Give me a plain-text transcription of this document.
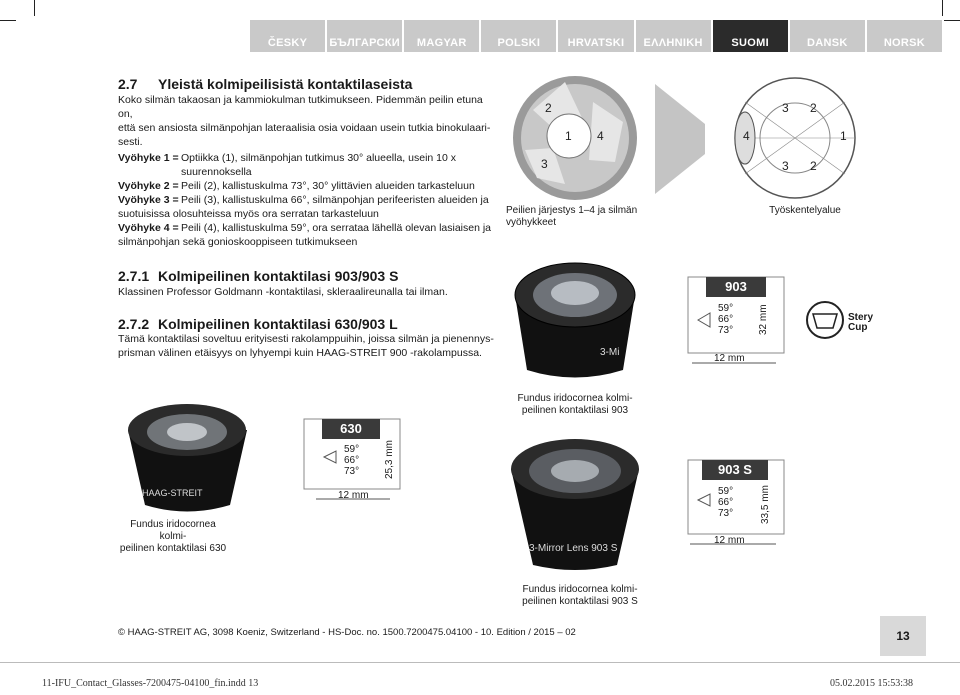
ČESKY	БЪЛГАРСКИ	MAGYAR	POLSKI	HRVATSKI	ΕΛΛΗΝΙΚΗ	SUOMI	DANSK	NORSK
2.7 Yleistä kolmipeilisistä kontaktilaseista
Koko silmän takaosan ja kammiokulman tutkimukseen. Pidemmän peilin etuna on,
että sen ansiosta silmänpohjan lateraalisia osia voidaan usein tutkia binokulaari-
sesti.
Vyöhyke 1 = Optiikka (1), silmänpohjan tutkimus 30° alueella, usein 10 x
suurennoksella
Vyöhyke 2 = Peili (2), kallistuskulma 73°, 30° ylittävien alueiden tarkasteluun
Vyöhyke 3 = Peili (3), kallistuskulma 66°, silmänpohjan perifeeristen alueiden ja
suotuisissa olosuhteissa myös ora serratan tarkasteluun
Vyöhyke 4 = Peili (4), kallistuskulma 59°, ora serrataa lähellä olevan lasiaisen ja
silmänpohjan sekä gonioskooppiseen tutkimukseen
2
1 4
3
Peilien järjestys 1–4 ja silmän vyöhykkeet
3 2
4	1
3 2
Työskentelyalue
2.7.1 Kolmipeilinen kontaktilasi 903/903 S
Klassinen Professor Goldmann -kontaktilasi, skleraalireunalla tai ilman.
2.7.2 Kolmipeilinen kontaktilasi 630/903 L
Tämä kontaktilasi soveltuu erityisesti rakolamppuihin, joissa silmän ja pienennys-
prisman välinen etäisyys on lyhyempi kuin HAAG-STREIT 900 -rakolampussa.	3-Mi
Fundus iridocornea kolmi-
peilinen kontaktilasi 903
903
59°
66°
73° 32 mm
12 mm
Stery
Cup
HAAG-STREIT
Fundus iridocornea kolmi-
peilinen kontaktilasi 630
630
59°
66°
73° 25,3 mm
12 mm
3-Mirror Lens 903 S
Fundus iridocornea kolmi-
peilinen kontaktilasi 903 S
903 S
59°
66°
73°	33,5 mm
12 mm
© HAAG-STREIT AG, 3098 Koeniz, Switzerland - HS-Doc. no. 1500.7200475.04100 - 10. Edition / 2015 – 02	13
11-IFU_Contact_Glasses-7200475-04100_fin.indd 13	05.02.2015 15:53:38
